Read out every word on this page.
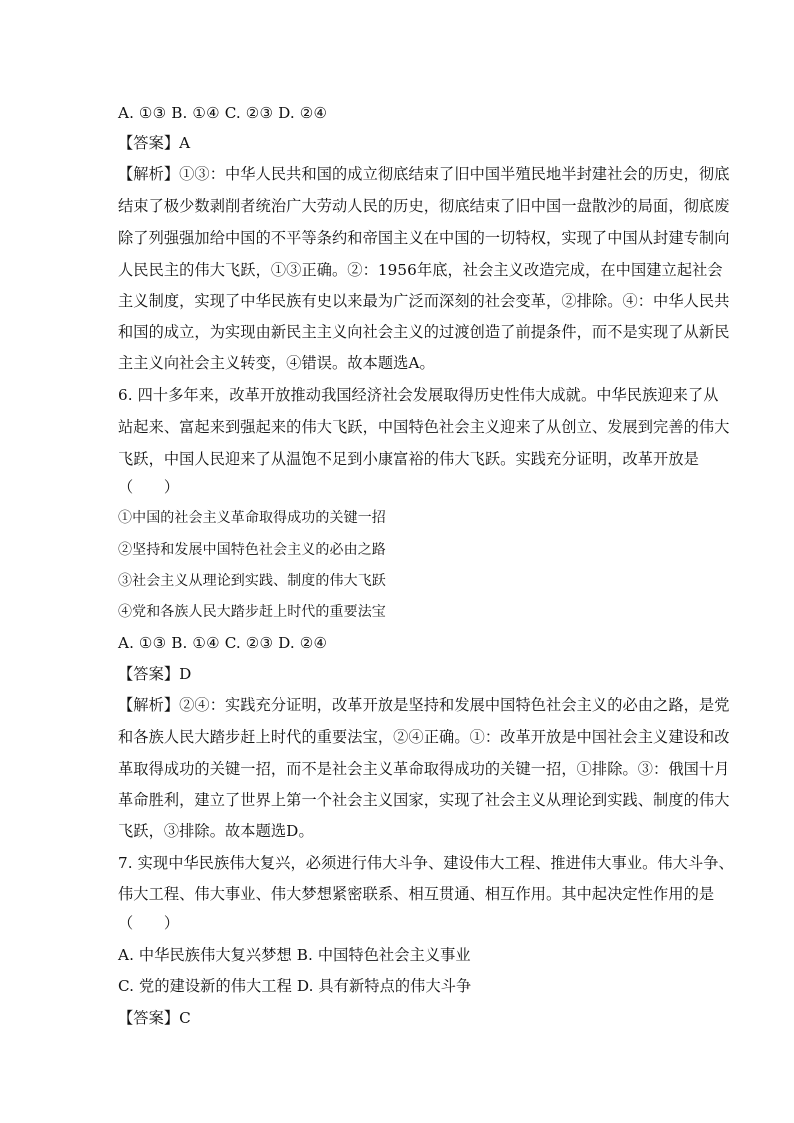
A. ①③ B. ①④ C. ②③ D. ②④
【答案】A
【解析】①③：中华人民共和国的成立彻底结束了旧中国半殖民地半封建社会的历史，彻底
结束了极少数剥削者统治广大劳动人民的历史，彻底结束了旧中国一盘散沙的局面，彻底废
除了列强强加给中国的不平等条约和帝国主义在中国的一切特权，实现了中国从封建专制向
人民民主的伟大飞跃，①③正确。②：1956年底，社会主义改造完成，在中国建立起社会
主义制度，实现了中华民族有史以来最为广泛而深刻的社会变革，②排除。④：中华人民共
和国的成立，为实现由新民主主义向社会主义的过渡创造了前提条件，而不是实现了从新民
主主义向社会主义转变，④错误。故本题选A。
6. 四十多年来，改革开放推动我国经济社会发展取得历史性伟大成就。中华民族迎来了从
站起来、富起来到强起来的伟大飞跃，中国特色社会主义迎来了从创立、发展到完善的伟大
飞跃，中国人民迎来了从温饱不足到小康富裕的伟大飞跃。实践充分证明，改革开放是
（　　）
①中国的社会主义革命取得成功的关键一招
②坚持和发展中国特色社会主义的必由之路
③社会主义从理论到实践、制度的伟大飞跃
④党和各族人民大踏步赶上时代的重要法宝
A. ①③ B. ①④ C. ②③ D. ②④
【答案】D
【解析】②④：实践充分证明，改革开放是坚持和发展中国特色社会主义的必由之路，是党
和各族人民大踏步赶上时代的重要法宝，②④正确。①：改革开放是中国社会主义建设和改
革取得成功的关键一招，而不是社会主义革命取得成功的关键一招，①排除。③：俄国十月
革命胜利，建立了世界上第一个社会主义国家，实现了社会主义从理论到实践、制度的伟大
飞跃，③排除。故本题选D。
7. 实现中华民族伟大复兴，必须进行伟大斗争、建设伟大工程、推进伟大事业。伟大斗争、
伟大工程、伟大事业、伟大梦想紧密联系、相互贯通、相互作用。其中起决定性作用的是
（　　）
A. 中华民族伟大复兴梦想 B. 中国特色社会主义事业
C. 党的建设新的伟大工程 D. 具有新特点的伟大斗争
【答案】C
